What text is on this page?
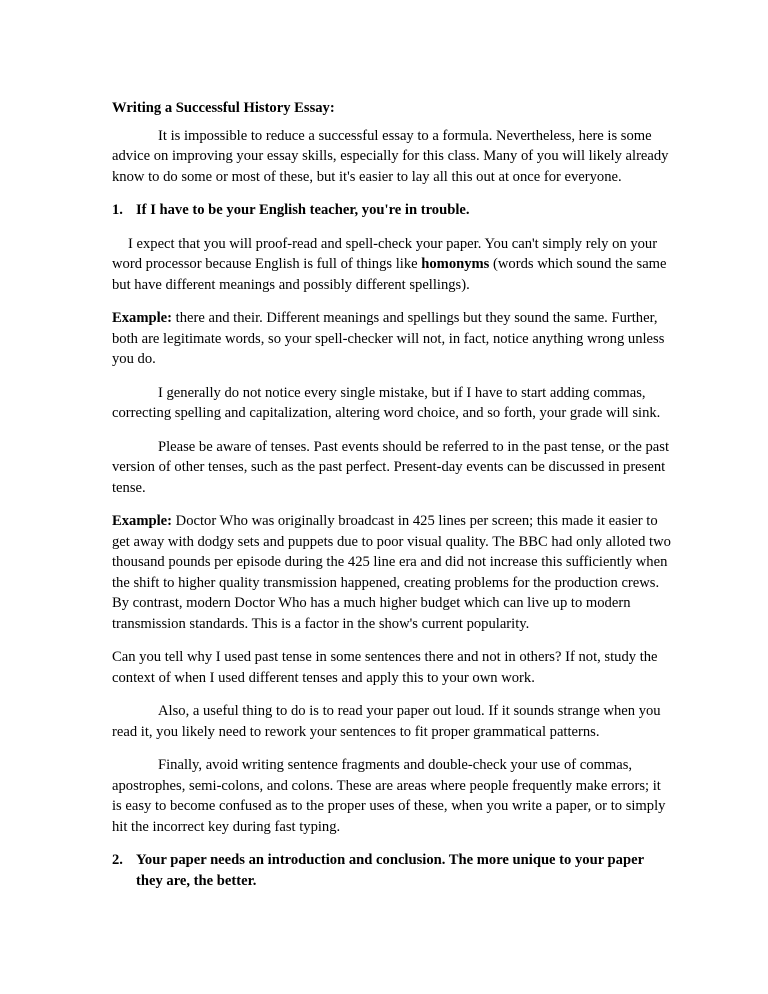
Writing a Successful History Essay:

It is impossible to reduce a successful essay to a formula. Nevertheless, here is some advice on improving your essay skills, especially for this class. Many of you will likely already know to do some or most of these, but it's easier to lay all this out at once for everyone.

1. If I have to be your English teacher, you're in trouble.

I expect that you will proof-read and spell-check your paper. You can't simply rely on your word processor because English is full of things like homonyms (words which sound the same but have different meanings and possibly different spellings).

Example: there and their. Different meanings and spellings but they sound the same. Further, both are legitimate words, so your spell-checker will not, in fact, notice anything wrong unless you do.

I generally do not notice every single mistake, but if I have to start adding commas, correcting spelling and capitalization, altering word choice, and so forth, your grade will sink.

Please be aware of tenses. Past events should be referred to in the past tense, or the past version of other tenses, such as the past perfect. Present-day events can be discussed in present tense.

Example: Doctor Who was originally broadcast in 425 lines per screen; this made it easier to get away with dodgy sets and puppets due to poor visual quality. The BBC had only alloted two thousand pounds per episode during the 425 line era and did not increase this sufficiently when the shift to higher quality transmission happened, creating problems for the production crews. By contrast, modern Doctor Who has a much higher budget which can live up to modern transmission standards. This is a factor in the show's current popularity.

Can you tell why I used past tense in some sentences there and not in others? If not, study the context of when I used different tenses and apply this to your own work.

Also, a useful thing to do is to read your paper out loud. If it sounds strange when you read it, you likely need to rework your sentences to fit proper grammatical patterns.

Finally, avoid writing sentence fragments and double-check your use of commas, apostrophes, semi-colons, and colons. These are areas where people frequently make errors; it is easy to become confused as to the proper uses of these, when you write a paper, or to simply hit the incorrect key during fast typing.

2. Your paper needs an introduction and conclusion. The more unique to your paper they are, the better.
